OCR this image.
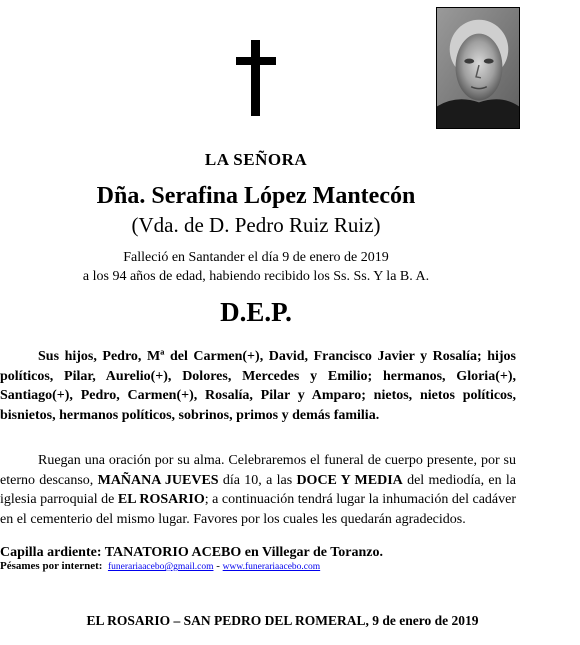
LA SEÑORA
Dña. Serafina López Mantecón
(Vda. de D. Pedro Ruiz Ruiz)
Falleció en Santander el día 9 de enero de 2019
a los 94 años de edad, habiendo recibido los Ss. Ss. Y la B. A.
D.E.P.
Sus hijos, Pedro, Mª del Carmen(+), David, Francisco Javier y Rosalía; hijos políticos, Pilar, Aurelio(+), Dolores, Mercedes y Emilio; hermanos, Gloria(+), Santiago(+), Pedro, Carmen(+), Rosalía, Pilar y Amparo; nietos, nietos políticos, bisnietos, hermanos políticos, sobrinos, primos y demás familia.
Ruegan una oración por su alma. Celebraremos el funeral de cuerpo presente, por su eterno descanso, MAÑANA JUEVES día 10, a las DOCE Y MEDIA del mediodía, en la iglesia parroquial de EL ROSARIO; a continuación tendrá lugar la inhumación del cadáver en el cementerio del mismo lugar. Favores por los cuales les quedarán agradecidos.
Capilla ardiente: TANATORIO ACEBO en Villegar de Toranzo.
Pésames por internet: funerariaacebo@gmail.com - www.funerariaacebo.com
EL ROSARIO – SAN PEDRO DEL ROMERAL, 9 de enero de 2019
